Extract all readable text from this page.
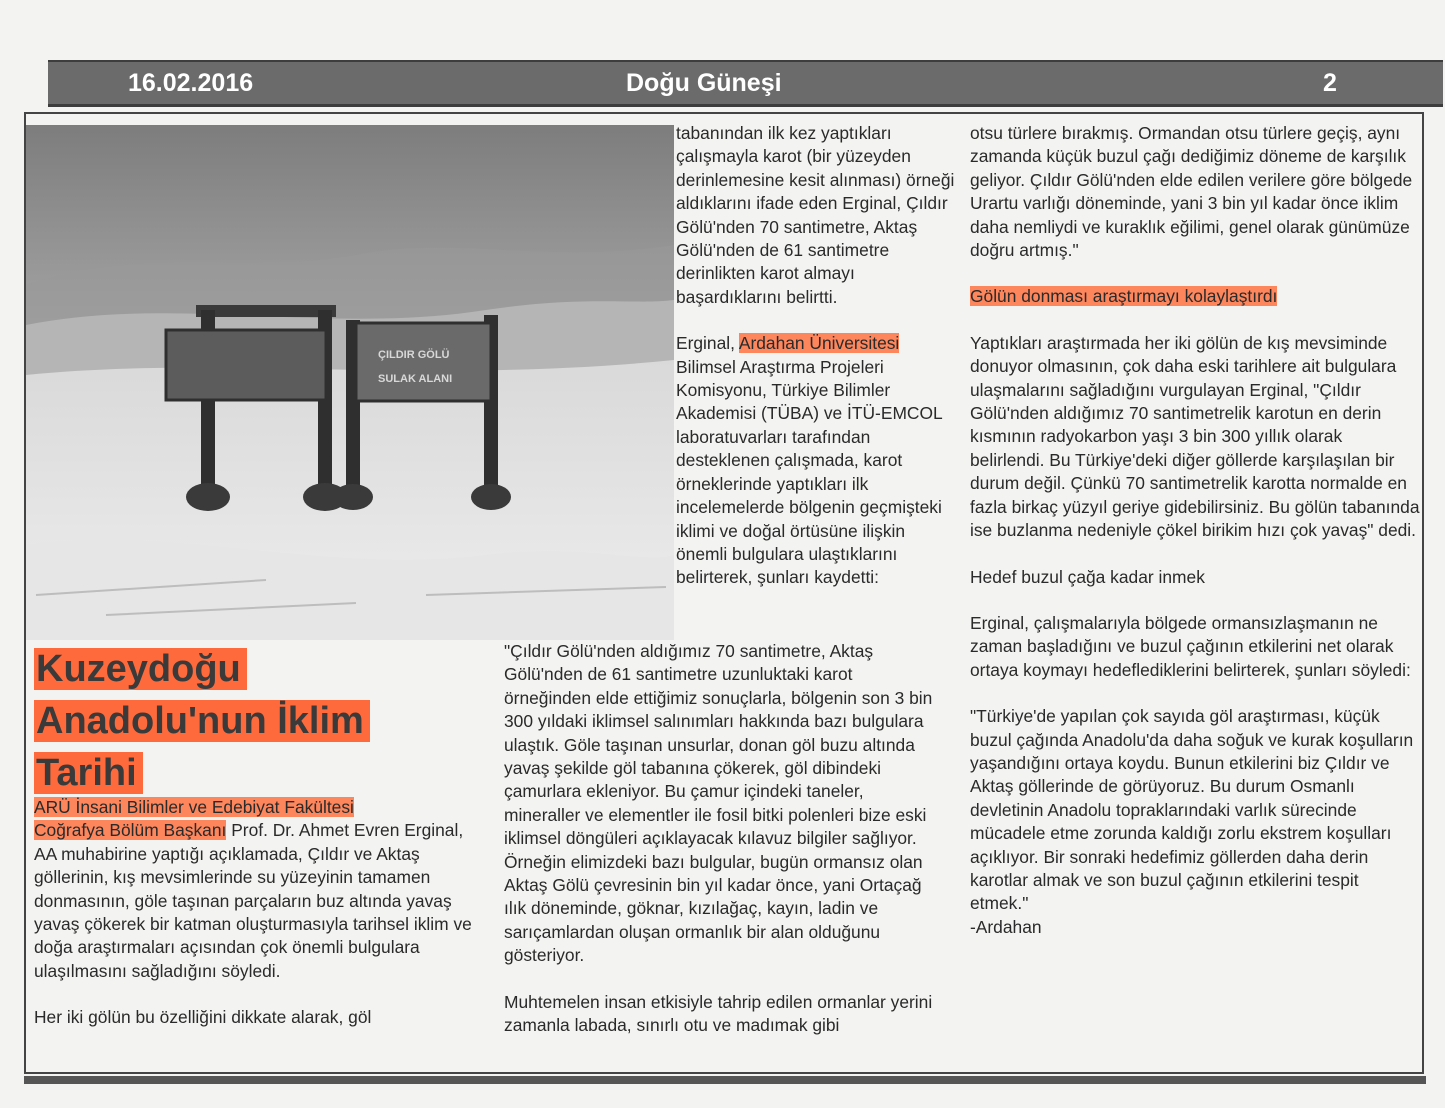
16.02.2016	Doğu Güneşi	2
ÇILDIR GÖLÜ
SULAK ALANI
Kuzeydoğu
Anadolu'nun İklim
Tarihi

ARÜ İnsani Bilimler ve Edebiyat Fakültesi
Coğrafya Bölüm Başkanı Prof. Dr. Ahmet Evren Erginal, AA muhabirine yaptığı açıklamada, Çıldır ve Aktaş göllerinin, kış mevsimlerinde su yüzeyinin tamamen donmasının, göle taşınan parçaların buz altında yavaş yavaş çökerek bir katman oluşturmasıyla tarihsel iklim ve doğa araştırmaları açısından çok önemli bulgulara ulaşılmasını sağladığını söyledi.

Her iki gölün bu özelliğini dikkate alarak, göl

tabanından ilk kez yaptıkları çalışmayla karot (bir yüzeyden derinlemesine kesit alınması) örneği aldıklarını ifade eden Erginal, Çıldır Gölü'nden 70 santimetre, Aktaş Gölü'nden de 61 santimetre derinlikten karot almayı başardıklarını belirtti.

Erginal, Ardahan Üniversitesi Bilimsel Araştırma Projeleri Komisyonu, Türkiye Bilimler Akademisi (TÜBA) ve İTÜ-EMCOL laboratuvarları tarafından desteklenen çalışmada, karot örneklerinde yaptıkları ilk incelemelerde bölgenin geçmişteki iklimi ve doğal örtüsüne ilişkin önemli bulgulara ulaştıklarını belirterek, şunları kaydetti:

"Çıldır Gölü'nden aldığımız 70 santimetre, Aktaş Gölü'nden de 61 santimetre uzunluktaki karot örneğinden elde ettiğimiz sonuçlarla, bölgenin son 3 bin 300 yıldaki iklimsel salınımları hakkında bazı bulgulara ulaştık. Göle taşınan unsurlar, donan göl buzu altında yavaş şekilde göl tabanına çökerek, göl dibindeki çamurlara ekleniyor. Bu çamur içindeki taneler, mineraller ve elementler ile fosil bitki polenleri bize eski iklimsel döngüleri açıklayacak kılavuz bilgiler sağlıyor. Örneğin elimizdeki bazı bulgular, bugün ormansız olan Aktaş Gölü çevresinin bin yıl kadar önce, yani Ortaçağ ılık döneminde, göknar, kızılağaç, kayın, ladin ve sarıçamlardan oluşan ormanlık bir alan olduğunu gösteriyor.

Muhtemelen insan etkisiyle tahrip edilen ormanlar yerini zamanla labada, sınırlı otu ve madımak gibi

otsu türlere bırakmış. Ormandan otsu türlere geçiş, aynı zamanda küçük buzul çağı dediğimiz döneme de karşılık geliyor. Çıldır Gölü'nden elde edilen verilere göre bölgede Urartu varlığı döneminde, yani 3 bin yıl kadar önce iklim daha nemliydi ve kuraklık eğilimi, genel olarak günümüze doğru artmış."

Gölün donması araştırmayı kolaylaştırdı

Yaptıkları araştırmada her iki gölün de kış mevsiminde donuyor olmasının, çok daha eski tarihlere ait bulgulara ulaşmalarını sağladığını vurgulayan Erginal, "Çıldır Gölü'nden aldığımız 70 santimetrelik karotun en derin kısmının radyokarbon yaşı 3 bin 300 yıllık olarak belirlendi. Bu Türkiye'deki diğer göllerde karşılaşılan bir durum değil. Çünkü 70 santimetrelik karotta normalde en fazla birkaç yüzyıl geriye gidebilirsiniz. Bu gölün tabanında ise buzlanma nedeniyle çökel birikim hızı çok yavaş" dedi.

Hedef buzul çağa kadar inmek

Erginal, çalışmalarıyla bölgede ormansızlaşmanın ne zaman başladığını ve buzul çağının etkilerini net olarak ortaya koymayı hedeflediklerini belirterek, şunları söyledi:

"Türkiye'de yapılan çok sayıda göl araştırması, küçük buzul çağında Anadolu'da daha soğuk ve kurak koşulların yaşandığını ortaya koydu. Bunun etkilerini biz Çıldır ve Aktaş göllerinde de görüyoruz. Bu durum Osmanlı devletinin Anadolu topraklarındaki varlık sürecinde mücadele etme zorunda kaldığı zorlu ekstrem koşulları açıklıyor. Bir sonraki hedefimiz göllerden daha derin karotlar almak ve son buzul çağının etkilerini tespit etmek."
-Ardahan
